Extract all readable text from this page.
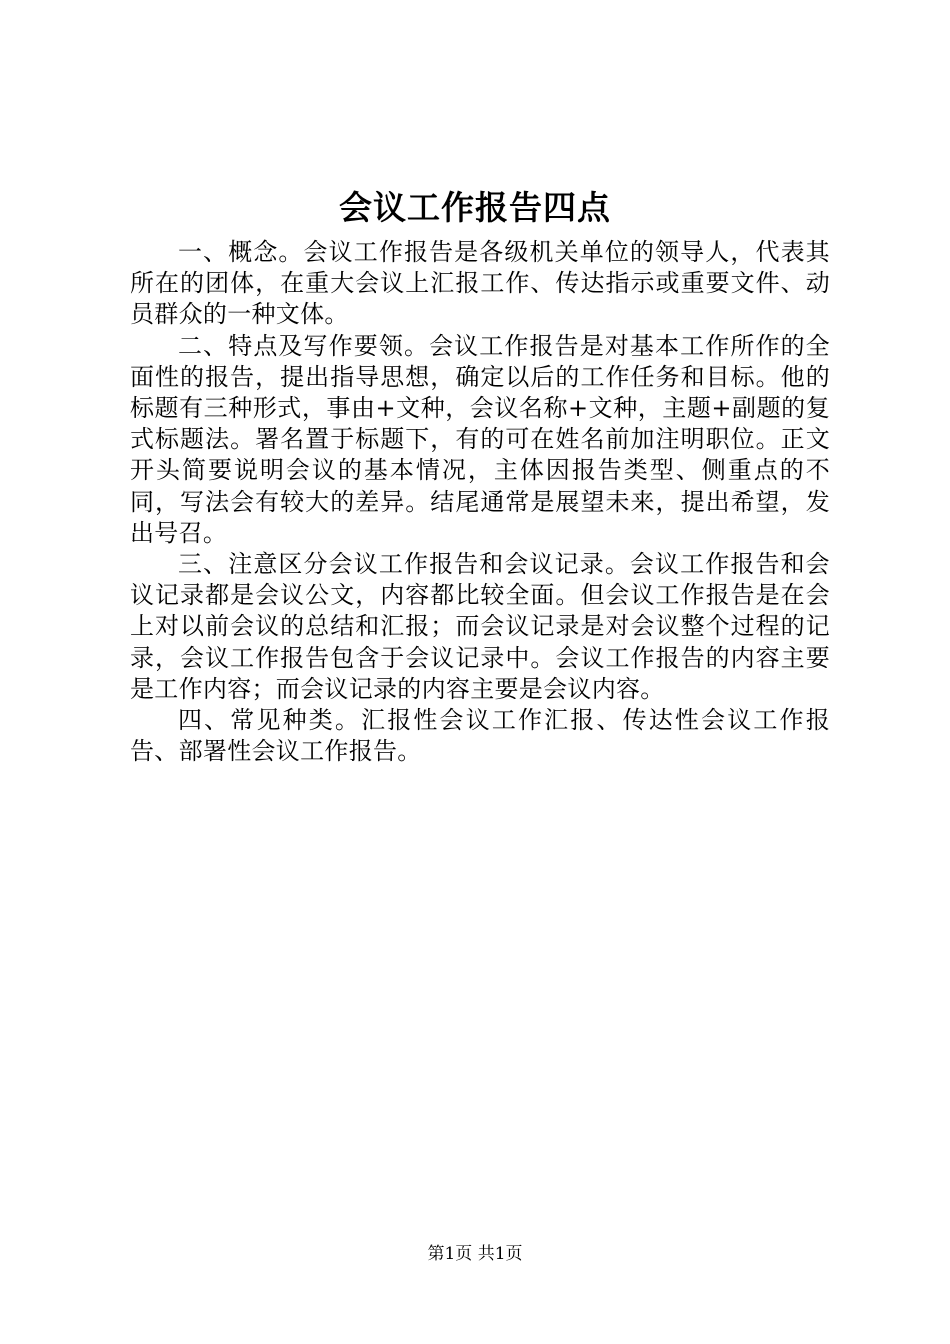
会议工作报告四点

一、概念。会议工作报告是各级机关单位的领导人，代表其所在的团体，在重大会议上汇报工作、传达指示或重要文件、动员群众的一种文体。

二、特点及写作要领。会议工作报告是对基本工作所作的全面性的报告，提出指导思想，确定以后的工作任务和目标。他的标题有三种形式，事由+文种，会议名称+文种，主题+副题的复式标题法。署名置于标题下，有的可在姓名前加注明职位。正文开头简要说明会议的基本情况，主体因报告类型、侧重点的不同，写法会有较大的差异。结尾通常是展望未来，提出希望，发出号召。

三、注意区分会议工作报告和会议记录。会议工作报告和会议记录都是会议公文，内容都比较全面。但会议工作报告是在会上对以前会议的总结和汇报；而会议记录是对会议整个过程的记录，会议工作报告包含于会议记录中。会议工作报告的内容主要是工作内容；而会议记录的内容主要是会议内容。

四、常见种类。汇报性会议工作汇报、传达性会议工作报告、部署性会议工作报告。

第1页 共1页
